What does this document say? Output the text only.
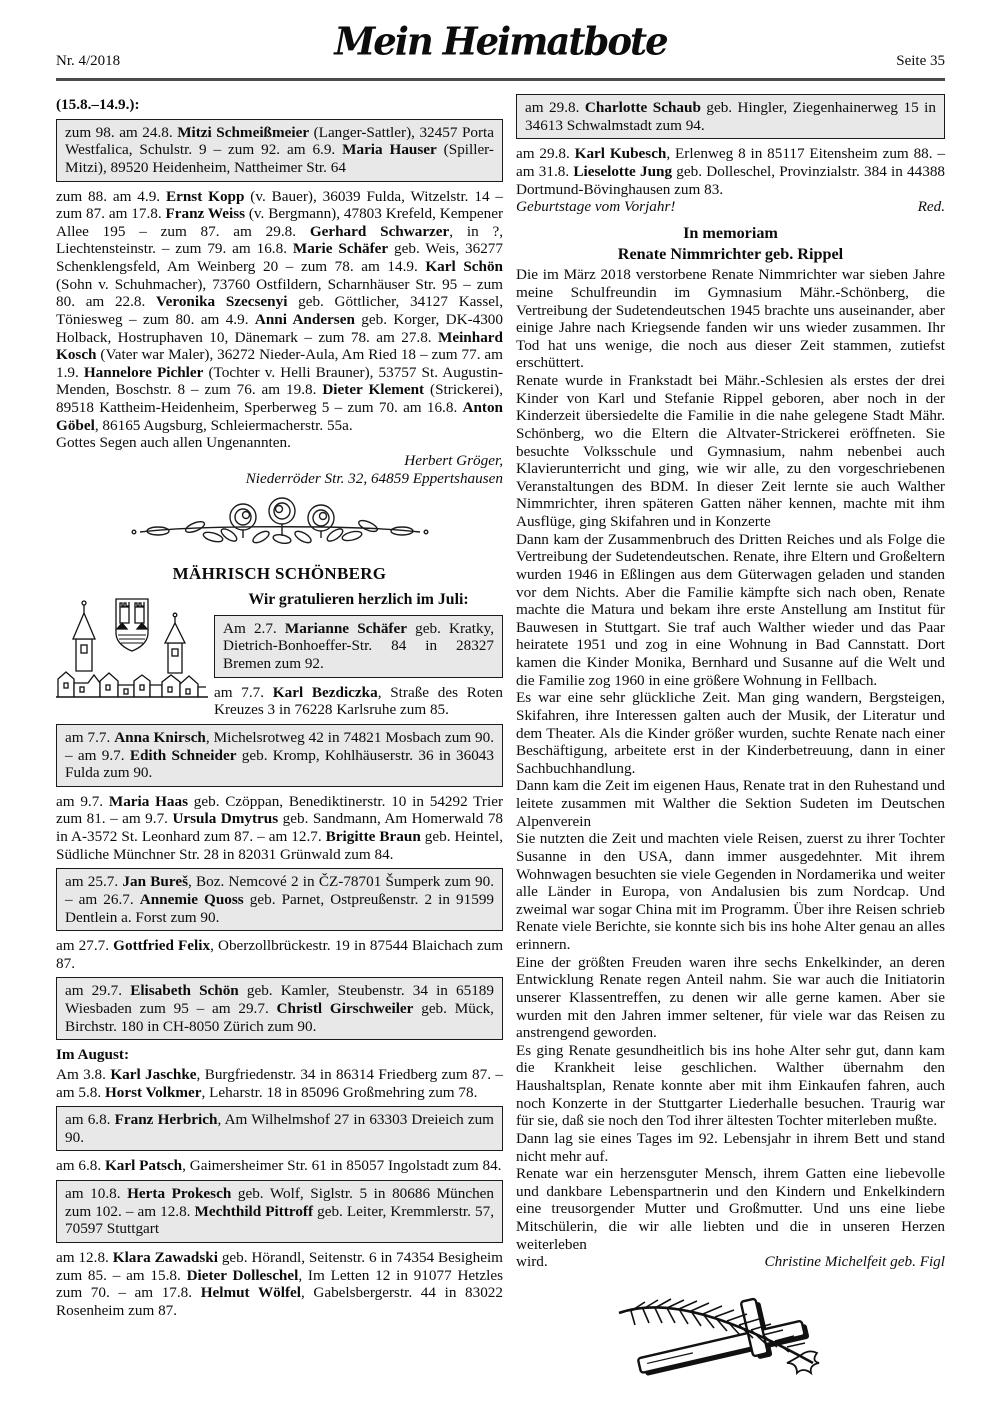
Nr. 4/2018	Mein Heimatbote	Seite 35
(15.8.–14.9.):

zum 98. am 24.8. Mitzi Schmeißmeier (Langer-Sattler), 32457 Porta Westfalica, Schulstr. 9 – zum 92. am 6.9. Maria Hauser (Spiller-Mitzi), 89520 Heidenheim, Nattheimer Str. 64

zum 88. am 4.9. Ernst Kopp (v. Bauer), 36039 Fulda, Witzelstr. 14 – zum 87. am 17.8. Franz Weiss (v. Bergmann), 47803 Krefeld, Kempener Allee 195 – zum 87. am 29.8. Gerhard Schwarzer, in ?, Liechtensteinstr. – zum 79. am 16.8. Marie Schäfer geb. Weis, 36277 Schenklengsfeld, Am Weinberg 20 – zum 78. am 14.9. Karl Schön (Sohn v. Schuhmacher), 73760 Ostfildern, Scharnhäuser Str. 95 – zum 80. am 22.8. Veronika Szecsenyi geb. Göttlicher, 34127 Kassel, Töniesweg – zum 80. am 4.9. Anni Andersen geb. Korger, DK-4300 Holback, Hostruphaven 10, Dänemark – zum 78. am 27.8. Meinhard Kosch (Vater war Maler), 36272 Nieder-Aula, Am Ried 18 – zum 77. am 1.9. Hannelore Pichler (Tochter v. Helli Brauner), 53757 St. Augustin-Menden, Boschstr. 8 – zum 76. am 19.8. Dieter Klement (Strickerei), 89518 Kattheim-Heidenheim, Sperberweg 5 – zum 70. am 16.8. Anton Göbel, 86165 Augsburg, Schleiermacherstr. 55a.

Gottes Segen auch allen Ungenannten.

Herbert Gröger,
Niederröder Str. 32, 64859 Eppertshausen
MÄHRISCH SCHÖNBERG
Wir gratulieren herzlich im Juli:

Am 2.7. Marianne Schäfer geb. Kratky, Dietrich-Bonhoeffer-Str. 84 in 28327 Bremen zum 92.

am 7.7. Karl Bezdiczka, Straße des Roten Kreuzes 3 in 76228 Karlsruhe zum 85.

am 7.7. Anna Knirsch, Michelsrotweg 42 in 74821 Mosbach zum 90. – am 9.7. Edith Schneider geb. Kromp, Kohlhäuserstr. 36 in 36043 Fulda zum 90.

am 9.7. Maria Haas geb. Czöppan, Benediktinerstr. 10 in 54292 Trier zum 81. – am 9.7. Ursula Dmytrus geb. Sandmann, Am Homerwald 78 in A-3572 St. Leonhard zum 87. – am 12.7. Brigitte Braun geb. Heintel, Südliche Münchner Str. 28 in 82031 Grünwald zum 84.

am 25.7. Jan Bureš, Boz. Nemcové 2 in ČZ-78701 Šumperk zum 90. – am 26.7. Annemie Quoss geb. Parnet, Ostpreußenstr. 2 in 91599 Dentlein a. Forst zum 90.

am 27.7. Gottfried Felix, Oberzollbrückestr. 19 in 87544 Blaichach zum 87.

am 29.7. Elisabeth Schön geb. Kamler, Steubenstr. 34 in 65189 Wiesbaden zum 95 – am 29.7. Christl Girschweiler geb. Mück, Birchstr. 180 in CH-8050 Zürich zum 90.

Im August:

Am 3.8. Karl Jaschke, Burgfriedenstr. 34 in 86314 Friedberg zum 87. – am 5.8. Horst Volkmer, Leharstr. 18 in 85096 Großmehring zum 78.

am 6.8. Franz Herbrich, Am Wilhelmshof 27 in 63303 Dreieich zum 90.

am 6.8. Karl Patsch, Gaimersheimer Str. 61 in 85057 Ingolstadt zum 84.

am 10.8. Herta Prokesch geb. Wolf, Siglstr. 5 in 80686 München zum 102. – am 12.8. Mechthild Pittroff geb. Leiter, Kremmlerstr. 57, 70597 Stuttgart

am 12.8. Klara Zawadski geb. Hörandl, Seitenstr. 6 in 74354 Besigheim zum 85. – am 15.8. Dieter Dolleschel, Im Letten 12 in 91077 Hetzles zum 70. – am 17.8. Helmut Wölfel, Gabelsbergerstr. 44 in 83022 Rosenheim zum 87.

am 29.8. Charlotte Schaub geb. Hingler, Ziegenhainerweg 15 in 34613 Schwalmstadt zum 94.

am 29.8. Karl Kubesch, Erlenweg 8 in 85117 Eitensheim zum 88. – am 31.8. Lieselotte Jung geb. Dolleschel, Provinzialstr. 384 in 44388 Dortmund-Bövinghausen zum 83.

Geburtstage vom Vorjahr!	Red.
In memoriam
Renate Nimmrichter geb. Rippel

Die im März 2018 verstorbene Renate Nimmrichter war sieben Jahre meine Schulfreundin im Gymnasium Mähr.-Schönberg, die Vertreibung der Sudetendeutschen 1945 brachte uns auseinander, aber einige Jahre nach Kriegsende fanden wir uns wieder zusammen. Ihr Tod hat uns wenige, die noch aus dieser Zeit stammen, zutiefst erschüttert.

Renate wurde in Frankstadt bei Mähr.-Schlesien als erstes der drei Kinder von Karl und Stefanie Rippel geboren, aber noch in der Kinderzeit übersiedelte die Familie in die nahe gelegene Stadt Mähr. Schönberg, wo die Eltern die Altvater-Strickerei eröffneten. Sie besuchte Volksschule und Gymnasium, nahm nebenbei auch Klavierunterricht und ging, wie wir alle, zu den vorgeschriebenen Veranstaltungen des BDM. In dieser Zeit lernte sie auch Walther Nimmrichter, ihren späteren Gatten näher kennen, machte mit ihm Ausflüge, ging Skifahren und in Konzerte

Dann kam der Zusammenbruch des Dritten Reiches und als Folge die Vertreibung der Sudetendeutschen. Renate, ihre Eltern und Großeltern wurden 1946 in Eßlingen aus dem Güterwagen geladen und standen vor dem Nichts. Aber die Familie kämpfte sich nach oben, Renate machte die Matura und bekam ihre erste Anstellung am Institut für Bauwesen in Stuttgart. Sie traf auch Walther wieder und das Paar heiratete 1951 und zog in eine Wohnung in Bad Cannstatt. Dort kamen die Kinder Monika, Bernhard und Susanne auf die Welt und die Familie zog 1960 in eine größere Wohnung in Fellbach.

Es war eine sehr glückliche Zeit. Man ging wandern, Bergsteigen, Skifahren, ihre Interessen galten auch der Musik, der Literatur und dem Theater. Als die Kinder größer wurden, suchte Renate nach einer Beschäftigung, arbeitete erst in der Kinderbetreuung, dann in einer Sachbuchhandlung.

Dann kam die Zeit im eigenen Haus, Renate trat in den Ruhestand und leitete zusammen mit Walther die Sektion Sudeten im Deutschen Alpenverein

Sie nutzten die Zeit und machten viele Reisen, zuerst zu ihrer Tochter Susanne in den USA, dann immer ausgedehnter. Mit ihrem Wohnwagen besuchten sie viele Gegenden in Nordamerika und weiter alle Länder in Europa, von Andalusien bis zum Nordcap. Und zweimal war sogar China mit im Programm. Über ihre Reisen schrieb Renate viele Berichte, sie konnte sich bis ins hohe Alter genau an alles erinnern.

Eine der größten Freuden waren ihre sechs Enkelkinder, an deren Entwicklung Renate regen Anteil nahm. Sie war auch die Initiatorin unserer Klassentreffen, zu denen wir alle gerne kamen. Aber sie wurden mit den Jahren immer seltener, für viele war das Reisen zu anstrengend geworden.

Es ging Renate gesundheitlich bis ins hohe Alter sehr gut, dann kam die Krankheit leise geschlichen. Walther übernahm den Haushaltsplan, Renate konnte aber mit ihm Einkaufen fahren, auch noch Konzerte in der Stuttgarter Liederhalle besuchen. Traurig war für sie, daß sie noch den Tod ihrer ältesten Tochter miterleben mußte.

Dann lag sie eines Tages im 92. Lebensjahr in ihrem Bett und stand nicht mehr auf.

Renate war ein herzensguter Mensch, ihrem Gatten eine liebevolle und dankbare Lebenspartnerin und den Kindern und Enkelkindern eine treusorgender Mutter und Großmutter. Und uns eine liebe Mitschülerin, die wir alle liebten und die in unseren Herzen weiterleben

wird.	Christine Michelfeit geb. Figl
